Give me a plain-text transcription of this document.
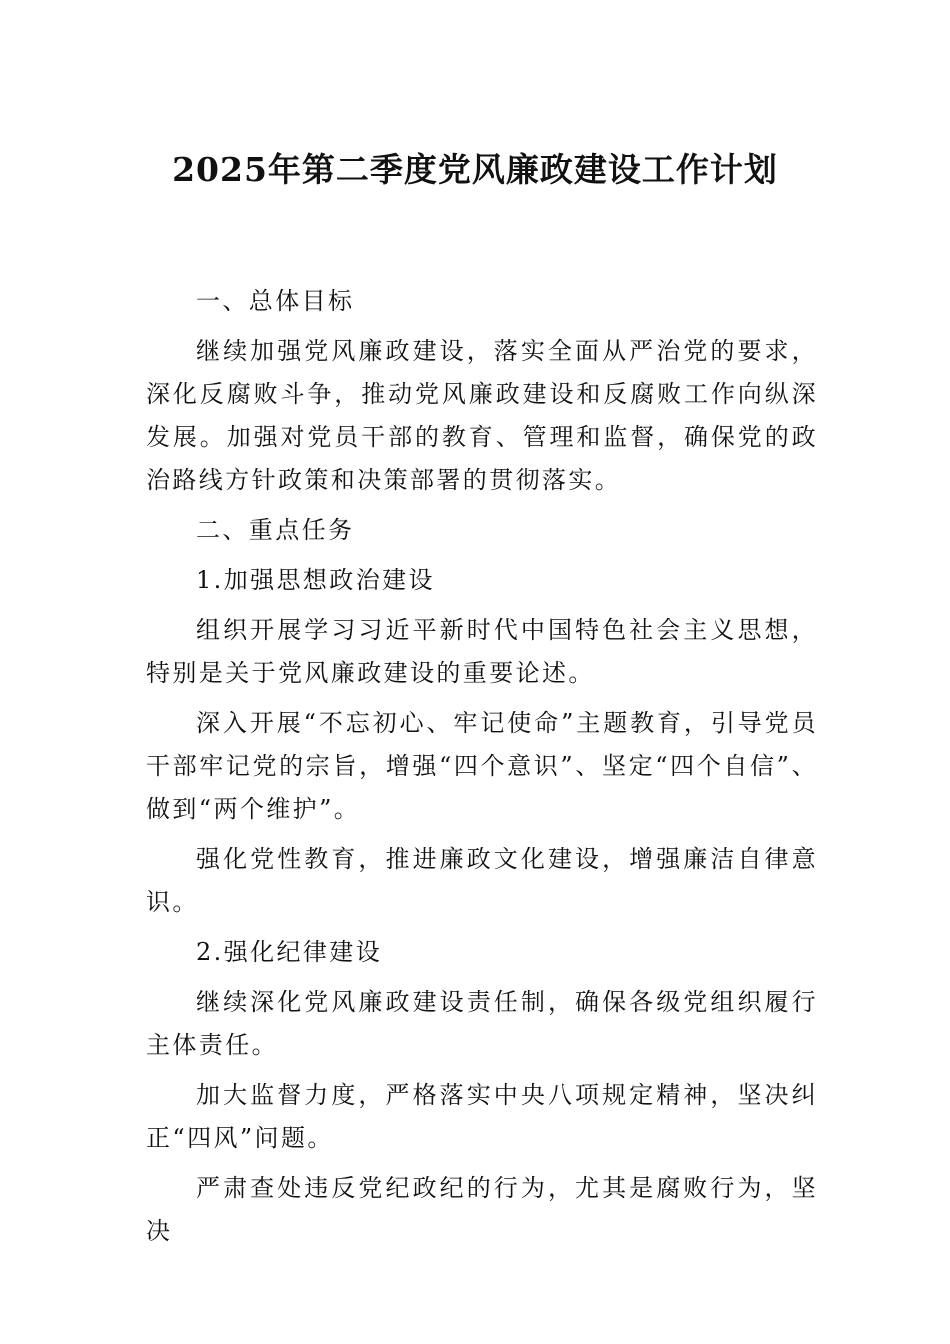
2025年第二季度党风廉政建设工作计划

一、总体目标

继续加强党风廉政建设，落实全面从严治党的要求，深化反腐败斗争，推动党风廉政建设和反腐败工作向纵深发展。加强对党员干部的教育、管理和监督，确保党的政治路线方针政策和决策部署的贯彻落实。

二、重点任务

1.加强思想政治建设

组织开展学习习近平新时代中国特色社会主义思想，特别是关于党风廉政建设的重要论述。

深入开展“不忘初心、牢记使命”主题教育，引导党员干部牢记党的宗旨，增强“四个意识”、坚定“四个自信”、做到“两个维护”。

强化党性教育，推进廉政文化建设，增强廉洁自律意识。

2.强化纪律建设

继续深化党风廉政建设责任制，确保各级党组织履行主体责任。

加大监督力度，严格落实中央八项规定精神，坚决纠正“四风”问题。

严肃查处违反党纪政纪的行为，尤其是腐败行为，坚决
